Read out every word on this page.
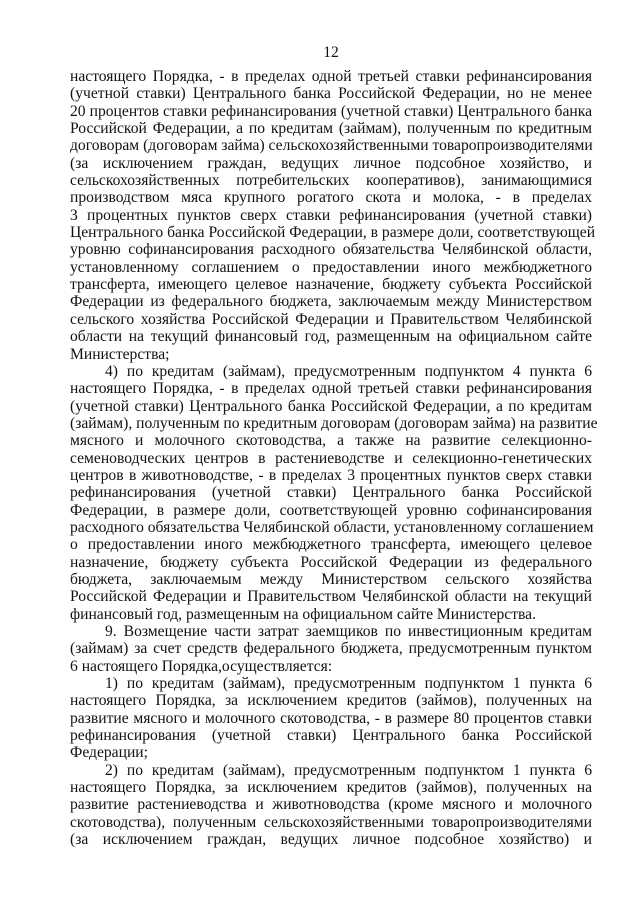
12
настоящего Порядка, - в пределах одной третьей ставки рефинансирования
(учетной ставки) Центрального банка Российской Федерации, но не менее
20 процентов ставки рефинансирования (учетной ставки) Центрального банка
Российской Федерации, а по кредитам (займам), полученным по кредитным
договорам (договорам займа) сельскохозяйственными товаропроизводителями
(за исключением граждан, ведущих личное подсобное хозяйство, и
сельскохозяйственных потребительских кооперативов), занимающимися
производством мяса крупного рогатого скота и молока, - в пределах
3 процентных пунктов сверх ставки рефинансирования (учетной ставки)
Центрального банка Российской Федерации, в размере доли, соответствующей
уровню софинансирования расходного обязательства Челябинской области,
установленному соглашением о предоставлении иного межбюджетного
трансферта, имеющего целевое назначение, бюджету субъекта Российской
Федерации из федерального бюджета, заключаемым между Министерством
сельского хозяйства Российской Федерации и Правительством Челябинской
области на текущий финансовый год, размещенным на официальном сайте
Министерства;
4) по кредитам (займам), предусмотренным подпунктом 4 пункта 6
настоящего Порядка, - в пределах одной третьей ставки рефинансирования
(учетной ставки) Центрального банка Российской Федерации, а по кредитам
(займам), полученным по кредитным договорам (договорам займа) на развитие
мясного и молочного скотоводства, а также на развитие селекционно-
семеноводческих центров в растениеводстве и селекционно-генетических
центров в животноводстве, - в пределах 3 процентных пунктов сверх ставки
рефинансирования (учетной ставки) Центрального банка Российской
Федерации, в размере доли, соответствующей уровню софинансирования
расходного обязательства Челябинской области, установленному соглашением
о предоставлении иного межбюджетного трансферта, имеющего целевое
назначение, бюджету субъекта Российской Федерации из федерального
бюджета, заключаемым между Министерством сельского хозяйства
Российской Федерации и Правительством Челябинской области на текущий
финансовый год, размещенным на официальном сайте Министерства.
9. Возмещение части затрат заемщиков по инвестиционным кредитам
(займам) за счет средств федерального бюджета, предусмотренным пунктом
6 настоящего Порядка,осуществляется:
1) по кредитам (займам), предусмотренным подпунктом 1 пункта 6
настоящего Порядка, за исключением кредитов (займов), полученных на
развитие мясного и молочного скотоводства, - в размере 80 процентов ставки
рефинансирования (учетной ставки) Центрального банка Российской
Федерации;
2) по кредитам (займам), предусмотренным подпунктом 1 пункта 6
настоящего Порядка, за исключением кредитов (займов), полученных на
развитие растениеводства и животноводства (кроме мясного и молочного
скотоводства), полученным сельскохозяйственными товаропроизводителями
(за исключением граждан, ведущих личное подсобное хозяйство) и
